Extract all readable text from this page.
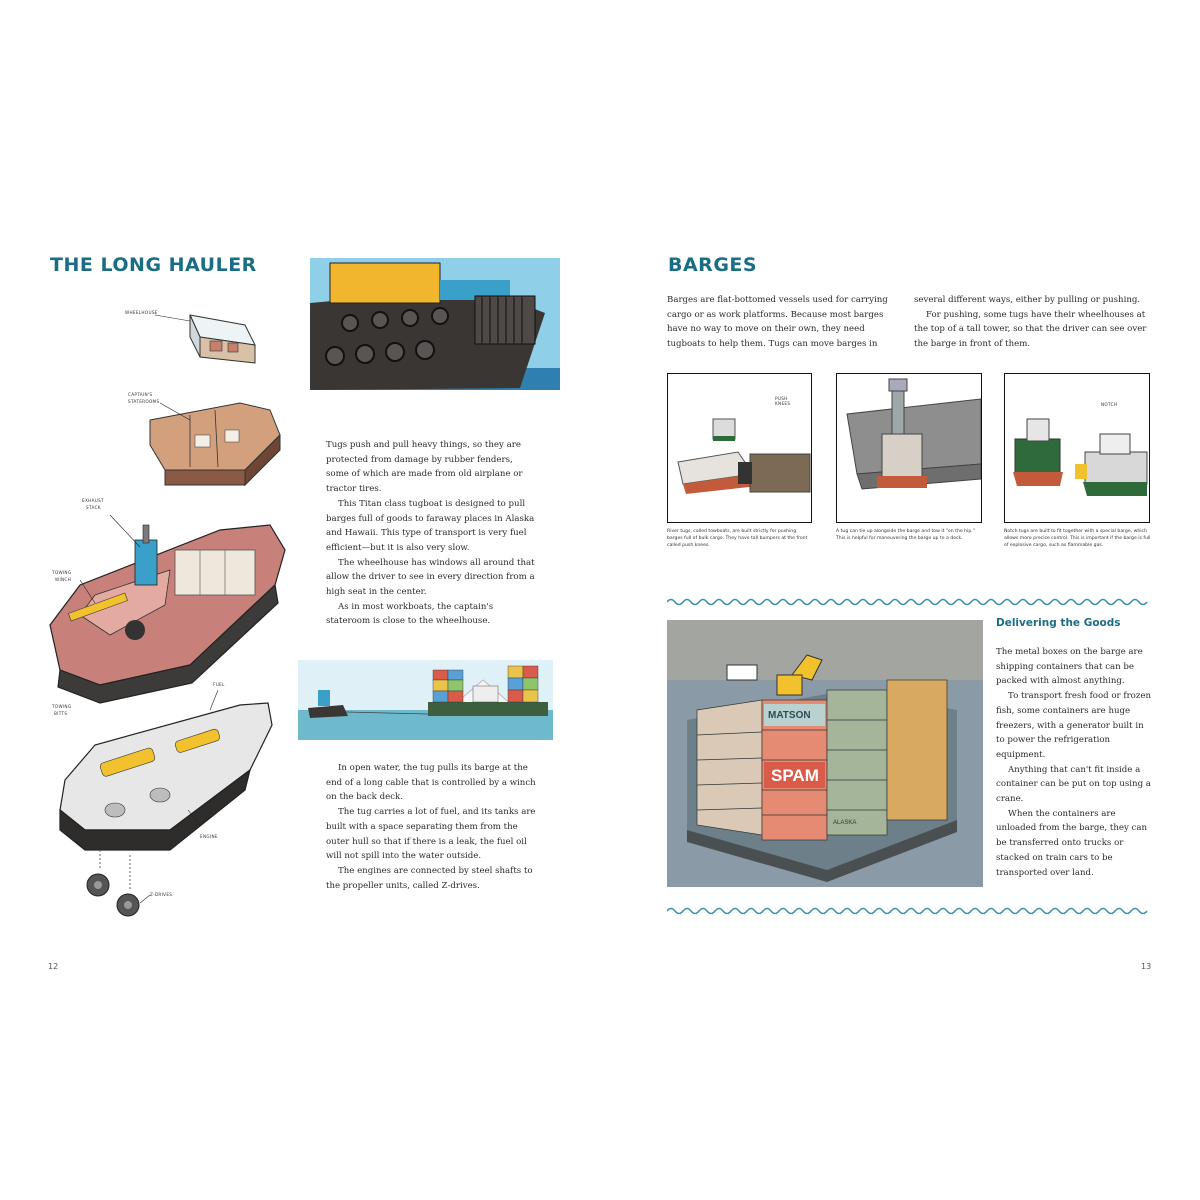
THE LONG HAULER
WHEELHOUSE
CAPTAIN'S
STATEROOMS
EXHAUST
STACK
TOWING
WINCH
FUEL
TOWING
BITTS
ENGINE
Z-DRIVES

Tugs push and pull heavy things, so they are protected from damage by rubber fenders, some of which are made from old airplane or tractor tires.

This Titan class tugboat is designed to pull barges full of goods to faraway places in Alaska and Hawaii. This type of transport is very fuel efficient—but it is also very slow.

The wheelhouse has windows all around that allow the driver to see in every direction from a high seat in the center.

As in most workboats, the captain's stateroom is close to the wheelhouse.

In open water, the tug pulls its barge at the end of a long cable that is controlled by a winch on the back deck.

The tug carries a lot of fuel, and its tanks are built with a space separating them from the outer hull so that if there is a leak, the fuel oil will not spill into the water outside.

The engines are connected by steel shafts to the propeller units, called Z-drives.

12
BARGES

Barges are flat-bottomed vessels used for carrying cargo or as work platforms. Because most barges have no way to move on their own, they need tugboats to help them. Tugs can move barges in

several different ways, either by pulling or pushing.

For pushing, some tugs have their wheelhouses at the top of a tall tower, so that the driver can see over the barge in front of them.

PUSH KNEES
River tugs, called towboats, are built strictly for pushing barges full of bulk cargo. They have tall bumpers at the front called push knees.
A tug can tie up alongside the barge and tow it "on the hip." This is helpful for maneuvering the barge up to a dock.
NOTCH
Notch tugs are built to fit together with a special barge, which allows more precise control. This is important if the barge is full of explosive cargo, such as flammable gas.
SPAM
MATSON
ALASKA
Delivering the Goods

The metal boxes on the barge are shipping containers that can be packed with almost anything.

To transport fresh food or frozen fish, some containers are huge freezers, with a generator built in to power the refrigeration equipment.

Anything that can't fit inside a container can be put on top using a crane.

When the containers are unloaded from the barge, they can be transferred onto trucks or stacked on train cars to be transported over land.

13
